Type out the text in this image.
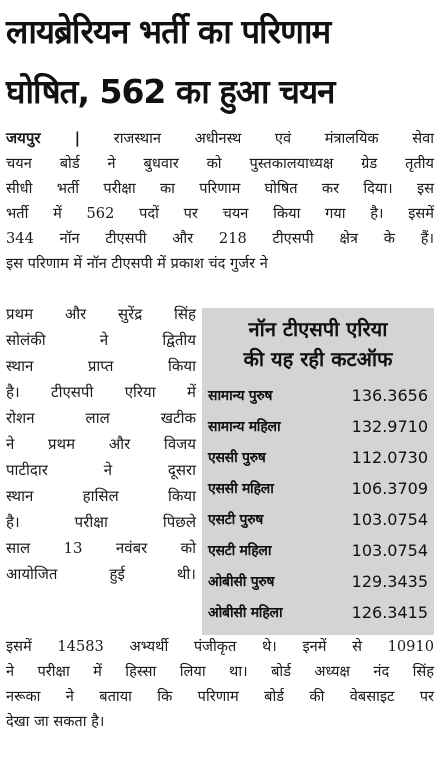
लायब्रेरियन भर्ती का परिणाम
घोषित, 562 का हुआ चयन
जयपुर | राजस्थान अधीनस्थ एवं मंत्रालयिक सेवा
चयन बोर्ड ने बुधवार को पुस्तकालयाध्यक्ष ग्रेड तृतीय
सीधी भर्ती परीक्षा का परिणाम घोषित कर दिया। इस
भर्ती में 562 पदों पर चयन किया गया है। इसमें
344 नॉन टीएसपी और 218 टीएसपी क्षेत्र के हैं।
इस परिणाम में नॉन टीएसपी में प्रकाश चंद गुर्जर ने
प्रथम और सुरेंद्र सिंह
सोलंकी ने द्वितीय
स्थान प्राप्त किया
है। टीएसपी एरिया में
रोशन लाल खटीक
ने प्रथम और विजय
पाटीदार ने दूसरा
स्थान हासिल किया
है। परीक्षा पिछले
साल 13 नवंबर को
आयोजित हुई थी।
नॉन टीएसपी एरिया
की यह रही कटऑफ
सामान्य पुरुष	136.3656
सामान्य महिला	132.9710
एससी पुरुष	112.0730
एससी महिला	106.3709
एसटी पुरुष	103.0754
एसटी महिला	103.0754
ओबीसी पुरुष	129.3435
ओबीसी महिला	126.3415
इसमें 14583 अभ्यर्थी पंजीकृत थे। इनमें से 10910
ने परीक्षा में हिस्सा लिया था। बोर्ड अध्यक्ष नंद सिंह
नरूका ने बताया कि परिणाम बोर्ड की वेबसाइट पर
देखा जा सकता है।
